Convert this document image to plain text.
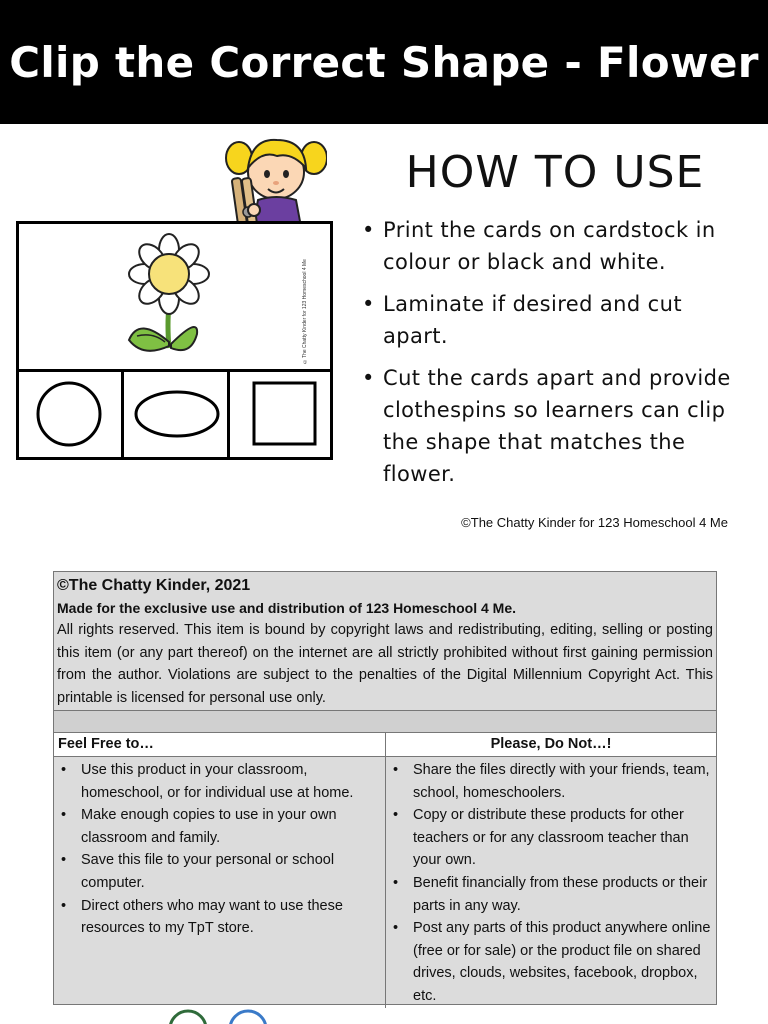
Clip the Correct Shape - Flower
©The Chatty Kinder for 123 Homeschool 4 Me
HOW TO USE
• Print the cards on cardstock in colour or black and white.
• Laminate if desired and cut apart.
• Cut the cards apart and provide clothespins so learners can clip the shape that matches the flower.
©The Chatty Kinder for 123 Homeschool 4 Me
©The Chatty Kinder, 2021
Made for the exclusive use and distribution of 123 Homeschool 4 Me.
All rights reserved. This item is bound by copyright laws and redistributing, editing, selling or posting this item (or any part thereof) on the internet are all strictly prohibited without first gaining permission from the author. Violations are subject to the penalties of the Digital Millennium Copyright Act. This printable is licensed for personal use only.
Feel Free to…
• Use this product in your classroom, homeschool, or for individual use at home.
• Make enough copies to use in your own classroom and family.
• Save this file to your personal or school computer.
• Direct others who may want to use these resources to my TpT store.
Please, Do Not…!
• Share the files directly with your friends, team, school, homeschoolers.
• Copy or distribute these products for other teachers or for any classroom teacher than your own.
• Benefit financially from these products or their parts in any way.
• Post any parts of this product anywhere online (free or for sale) or the product file on shared drives, clouds, websites, facebook, dropbox, etc.
